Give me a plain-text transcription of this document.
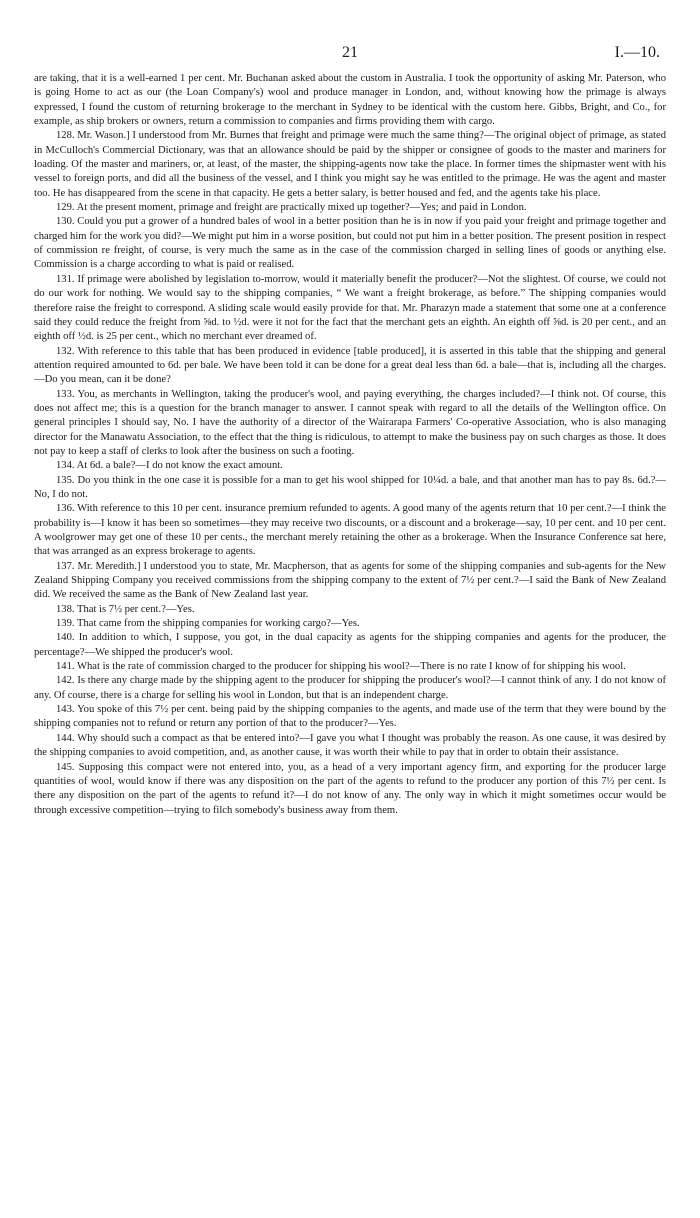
21	I.—10.

are taking, that it is a well-earned 1 per cent. Mr. Buchanan asked about the custom in Australia. I took the opportunity of asking Mr. Paterson, who is going Home to act as our (the Loan Company's) wool and produce manager in London, and, without knowing how the primage is always expressed, I found the custom of returning brokerage to the merchant in Sydney to be identical with the custom here. Gibbs, Bright, and Co., for example, as ship brokers or owners, return a commission to companies and firms providing them with cargo.

128. Mr. Wason.] I understood from Mr. Burnes that freight and primage were much the same thing?—The original object of primage, as stated in McCulloch's Commercial Dictionary, was that an allowance should be paid by the shipper or consignee of goods to the master and mariners for loading. Of the master and mariners, or, at least, of the master, the shipping-agents now take the place. In former times the shipmaster went with his vessel to foreign ports, and did all the business of the vessel, and I think you might say he was entitled to the primage. He was the agent and master too. He has disappeared from the scene in that capacity. He gets a better salary, is better housed and fed, and the agents take his place.

129. At the present moment, primage and freight are practically mixed up together?—Yes; and paid in London.

130. Could you put a grower of a hundred bales of wool in a better position than he is in now if you paid your freight and primage together and charged him for the work you did?—We might put him in a worse position, but could not put him in a better position. The present position in respect of commission re freight, of course, is very much the same as in the case of the commission charged in selling lines of goods or anything else. Commission is a charge according to what is paid or realised.

131. If primage were abolished by legislation to-morrow, would it materially benefit the producer?—Not the slightest. Of course, we could not do our work for nothing. We would say to the shipping companies, “ We want a freight brokerage, as before.” The shipping companies would therefore raise the freight to correspond. A sliding scale would easily provide for that. Mr. Pharazyn made a statement that some one at a conference said they could reduce the freight from ⅝d. to ½d. were it not for the fact that the merchant gets an eighth. An eighth off ⅝d. is 20 per cent., and an eighth off ½d. is 25 per cent., which no merchant ever dreamed of.

132. With reference to this table that has been produced in evidence [table produced], it is asserted in this table that the shipping and general attention required amounted to 6d. per bale. We have been told it can be done for a great deal less than 6d. a bale—that is, including all the charges.—Do you mean, can it be done?

133. You, as merchants in Wellington, taking the producer's wool, and paying everything, the charges included?—I think not. Of course, this does not affect me; this is a question for the branch manager to answer. I cannot speak with regard to all the details of the Wellington office. On general principles I should say, No. I have the authority of a director of the Wairarapa Farmers' Co-operative Association, who is also managing director for the Manawatu Association, to the effect that the thing is ridiculous, to attempt to make the business pay on such charges as those. It does not pay to keep a staff of clerks to look after the business on such a footing.

134. At 6d. a bale?—I do not know the exact amount.

135. Do you think in the one case it is possible for a man to get his wool shipped for 10¼d. a bale, and that another man has to pay 8s. 6d.?—No, I do not.

136. With reference to this 10 per cent. insurance premium refunded to agents. A good many of the agents return that 10 per cent.?—I think the probability is—I know it has been so sometimes—they may receive two discounts, or a discount and a brokerage—say, 10 per cent. and 10 per cent. A woolgrower may get one of these 10 per cents., the merchant merely retaining the other as a brokerage. When the Insurance Conference sat here, that was arranged as an express brokerage to agents.

137. Mr. Meredith.] I understood you to state, Mr. Macpherson, that as agents for some of the shipping companies and sub-agents for the New Zealand Shipping Company you received commissions from the shipping company to the extent of 7½ per cent.?—I said the Bank of New Zealand did. We received the same as the Bank of New Zealand last year.

138. That is 7½ per cent.?—Yes.

139. That came from the shipping companies for working cargo?—Yes.

140. In addition to which, I suppose, you got, in the dual capacity as agents for the shipping companies and agents for the producer, the percentage?—We shipped the producer's wool.

141. What is the rate of commission charged to the producer for shipping his wool?—There is no rate I know of for shipping his wool.

142. Is there any charge made by the shipping agent to the producer for shipping the producer's wool?—I cannot think of any. I do not know of any. Of course, there is a charge for selling his wool in London, but that is an independent charge.

143. You spoke of this 7½ per cent. being paid by the shipping companies to the agents, and made use of the term that they were bound by the shipping companies not to refund or return any portion of that to the producer?—Yes.

144. Why should such a compact as that be entered into?—I gave you what I thought was probably the reason. As one cause, it was desired by the shipping companies to avoid competition, and, as another cause, it was worth their while to pay that in order to obtain their assistance.

145. Supposing this compact were not entered into, you, as a head of a very important agency firm, and exporting for the producer large quantities of wool, would know if there was any disposition on the part of the agents to refund to the producer any portion of this 7½ per cent. Is there any disposition on the part of the agents to refund it?—I do not know of any. The only way in which it might sometimes occur would be through excessive competition—trying to filch somebody's business away from them.
